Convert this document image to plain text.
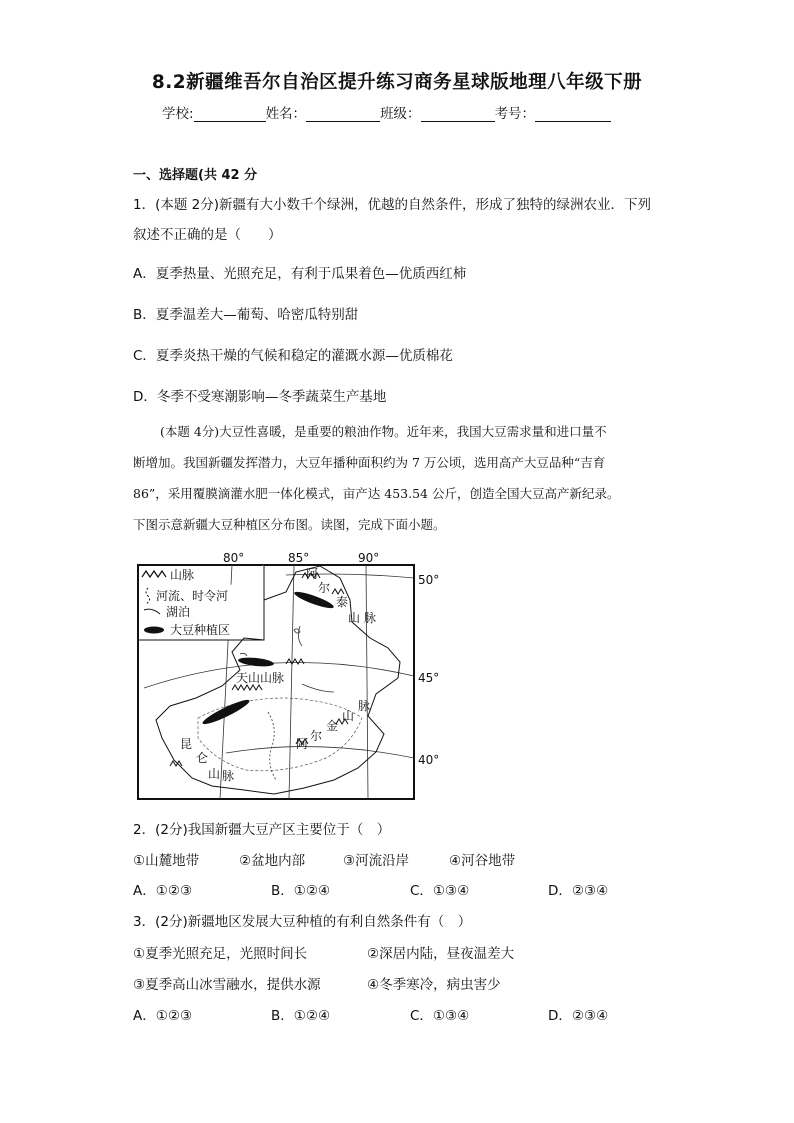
8.2新疆维吾尔自治区提升练习商务星球版地理八年级下册
学校:	姓名：	班级：	考号：
一、选择题(共 42 分
1．(本题 2分)新疆有大小数千个绿洲，优越的自然条件，形成了独特的绿洲农业．下列
叙述不正确的是（　　）
A．夏季热量、光照充足，有利于瓜果着色—优质西红柿
B．夏季温差大—葡萄、哈密瓜特别甜
C．夏季炎热干燥的气候和稳定的灌溉水源—优质棉花
D．冬季不受寒潮影响—冬季蔬菜生产基地
(本题 4分)大豆性喜暖，是重要的粮油作物。近年来，我国大豆需求量和进口量不
断增加。我国新疆发挥潜力，大豆年播种面积约为 7 万公顷，选用高产大豆品种“吉育
86”，采用覆膜滴灌水肥一体化模式，亩产达 453.54 公斤，创造全国大豆高产新纪录。
下图示意新疆大豆种植区分布图。读图，完成下面小题。
80°	85°	90°
50°
45°
40°
山脉
河流、时令河
湖泊
大豆种植区
阿
尔
泰
山 脉
天山山脉
金
山
脉
阿
尔
昆
仑
山 脉
2．(2分)我国新疆大豆产区主要位于（　）
①山麓地带	②盆地内部	③河流沿岸	④河谷地带
A．①②③	B．①②④	C．①③④	D．②③④
3．(2分)新疆地区发展大豆种植的有利自然条件有（　）
①夏季光照充足，光照时间长	②深居内陆，昼夜温差大
③夏季高山冰雪融水，提供水源	④冬季寒冷，病虫害少
A．①②③	B．①②④	C．①③④	D．②③④
